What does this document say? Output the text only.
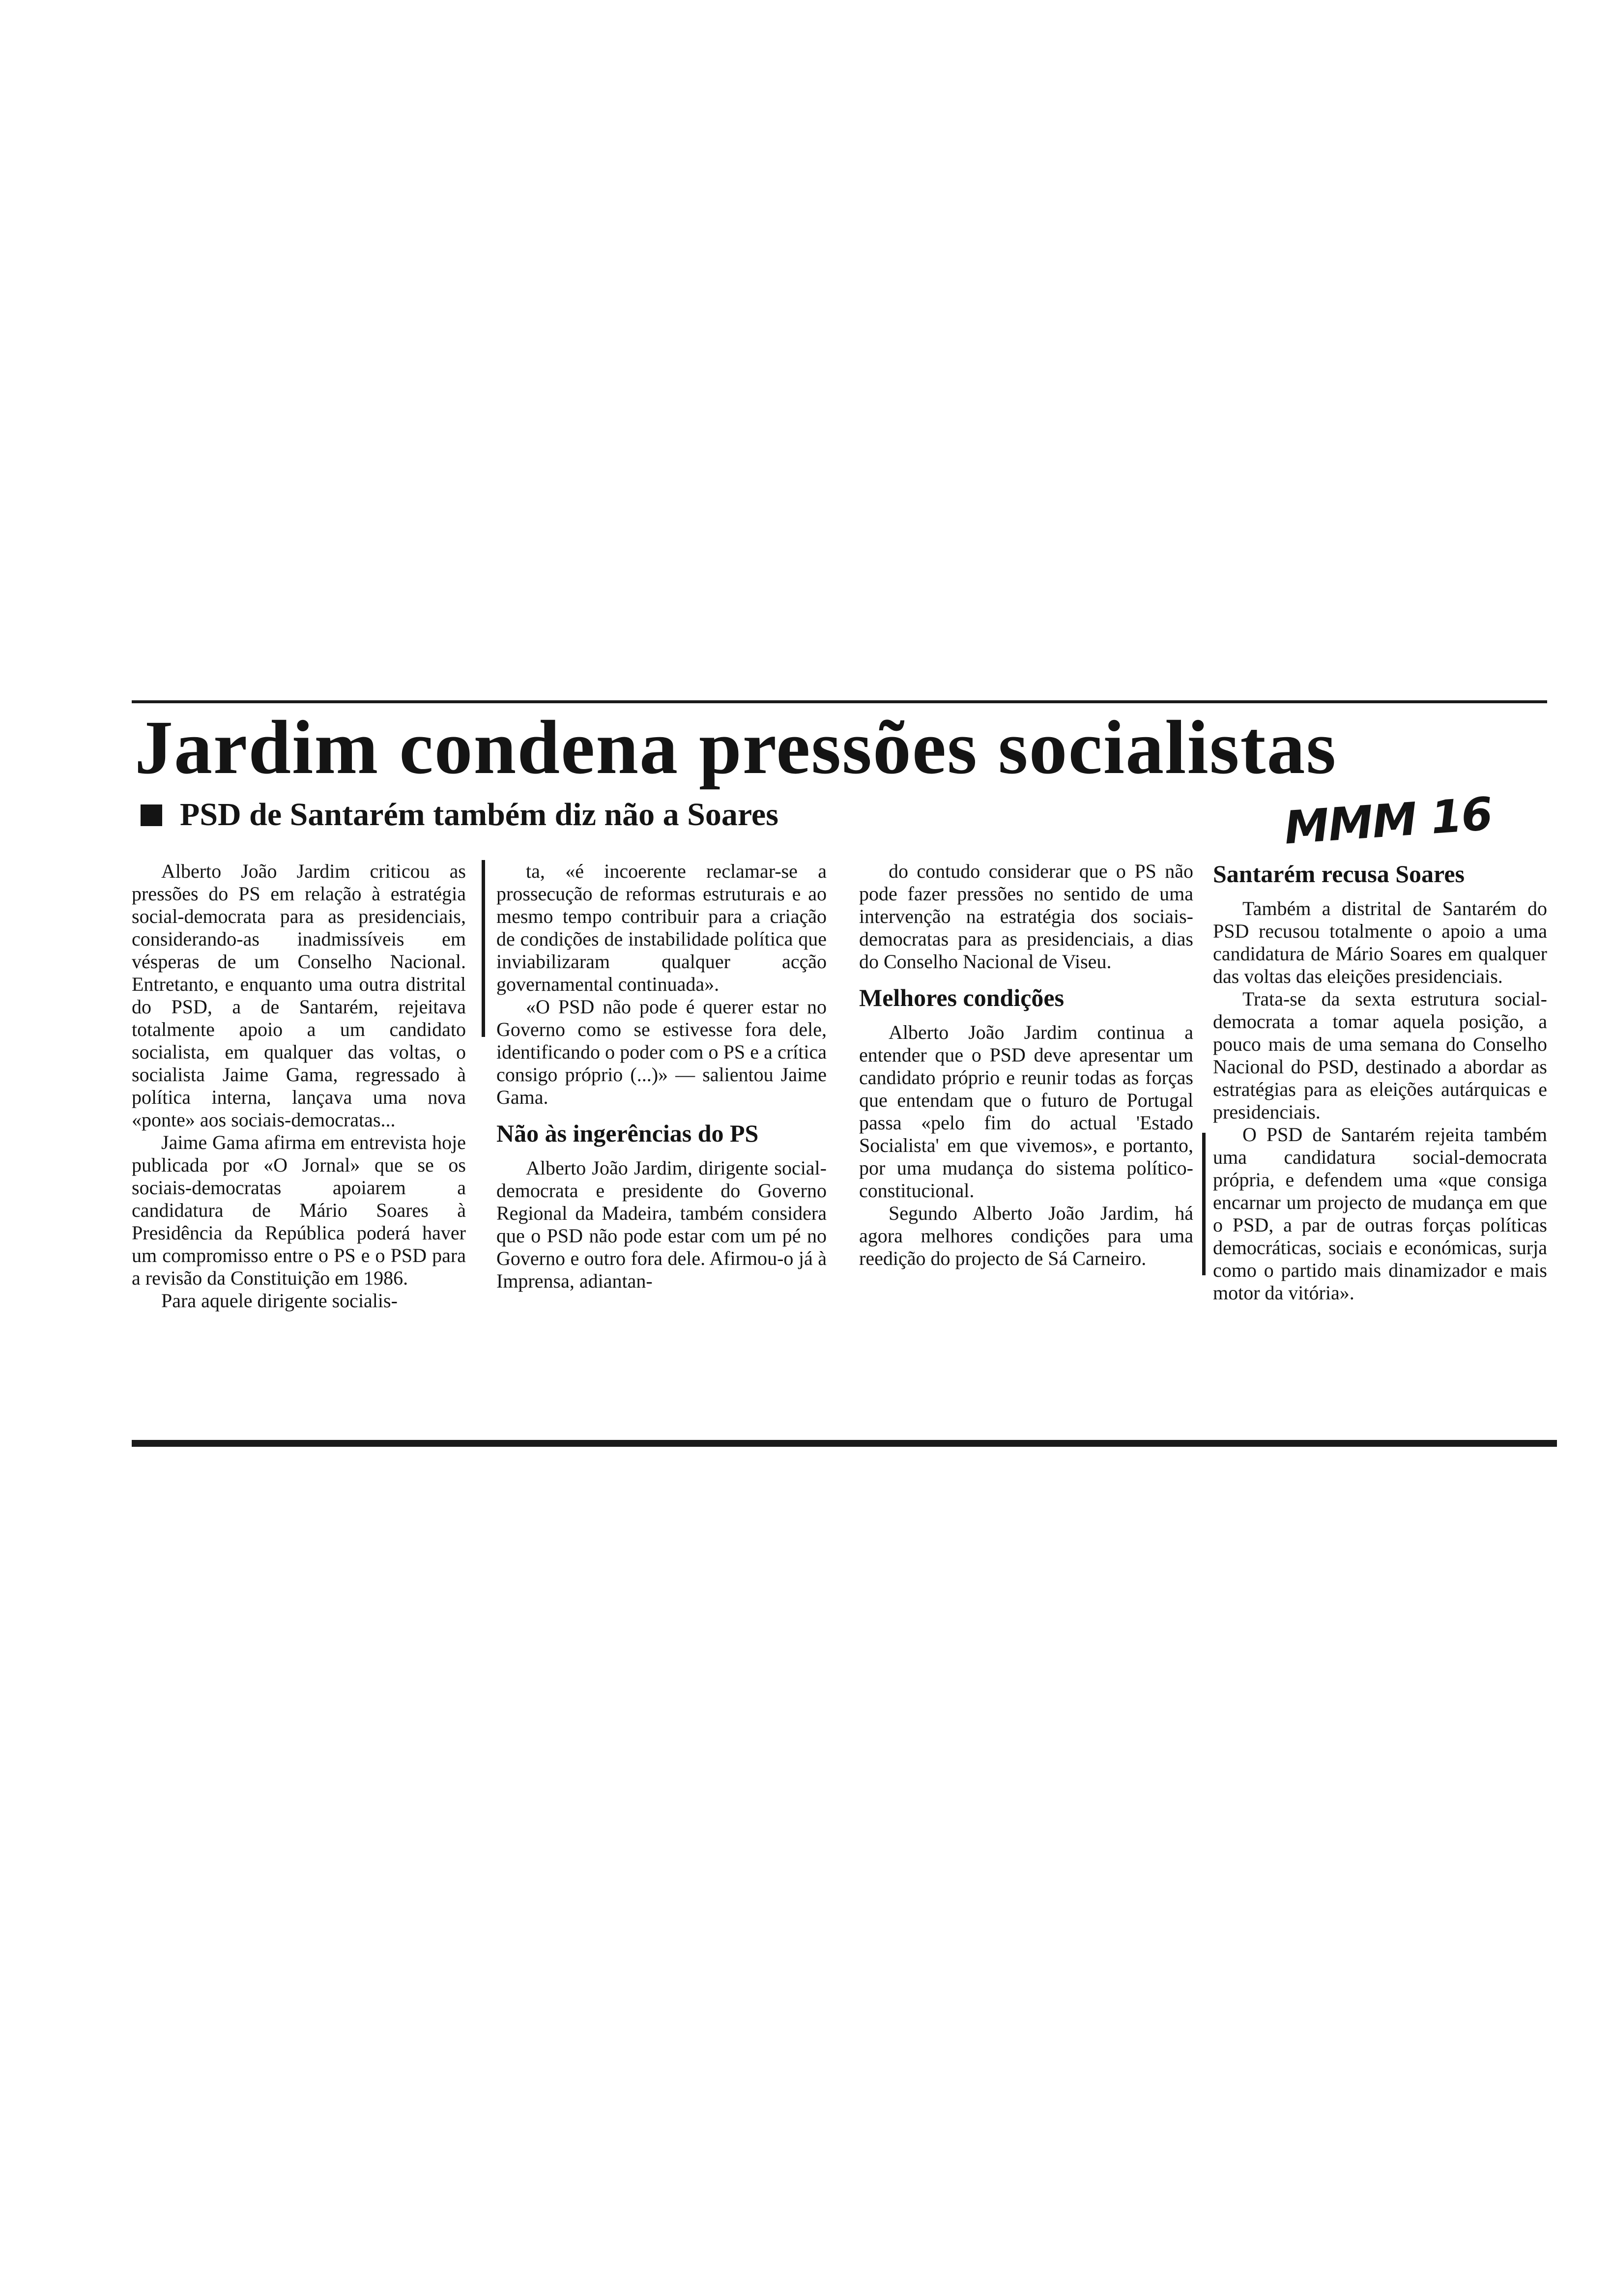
Jardim condena pressões socialistas
PSD de Santarém também diz não a Soares	MMM 16

Alberto João Jardim criticou as pressões do PS em relação à estratégia social-democrata para as presidenciais, considerando-as inadmissíveis em vésperas de um Conselho Nacional. Entretanto, e enquanto uma outra distrital do PSD, a de Santarém, rejeitava totalmente apoio a um candidato socialista, em qualquer das voltas, o socialista Jaime Gama, regressado à política interna, lançava uma nova «ponte» aos sociais-democratas...

Jaime Gama afirma em entrevista hoje publicada por «O Jornal» que se os sociais-democratas apoiarem a candidatura de Mário Soares à Presidência da República poderá haver um compromisso entre o PS e o PSD para a revisão da Constituição em 1986.

Para aquele dirigente socialis-

ta, «é incoerente reclamar-se a prossecução de reformas estruturais e ao mesmo tempo contribuir para a criação de condições de instabilidade política que inviabilizaram qualquer acção governamental continuada».

«O PSD não pode é querer estar no Governo como se estivesse fora dele, identificando o poder com o PS e a crítica consigo próprio (...)» — salientou Jaime Gama.

Não às ingerências do PS

Alberto João Jardim, dirigente social-democrata e presidente do Governo Regional da Madeira, também considera que o PSD não pode estar com um pé no Governo e outro fora dele. Afirmou-o já à Imprensa, adiantan-

do contudo considerar que o PS não pode fazer pressões no sentido de uma intervenção na estratégia dos sociais-democratas para as presidenciais, a dias do Conselho Nacional de Viseu.

Melhores condições

Alberto João Jardim continua a entender que o PSD deve apresentar um candidato próprio e reunir todas as forças que entendam que o futuro de Portugal passa «pelo fim do actual 'Estado Socialista' em que vivemos», e portanto, por uma mudança do sistema político-constitucional.

Segundo Alberto João Jardim, há agora melhores condições para uma reedição do projecto de Sá Carneiro.

Santarém recusa Soares

Também a distrital de Santarém do PSD recusou totalmente o apoio a uma candidatura de Mário Soares em qualquer das voltas das eleições presidenciais.

Trata-se da sexta estrutura social-democrata a tomar aquela posição, a pouco mais de uma semana do Conselho Nacional do PSD, destinado a abordar as estratégias para as eleições autárquicas e presidenciais.

O PSD de Santarém rejeita também uma candidatura social-democrata própria, e defendem uma «que consiga encarnar um projecto de mudança em que o PSD, a par de outras forças políticas democráticas, sociais e económicas, surja como o partido mais dinamizador e mais motor da vitória».
